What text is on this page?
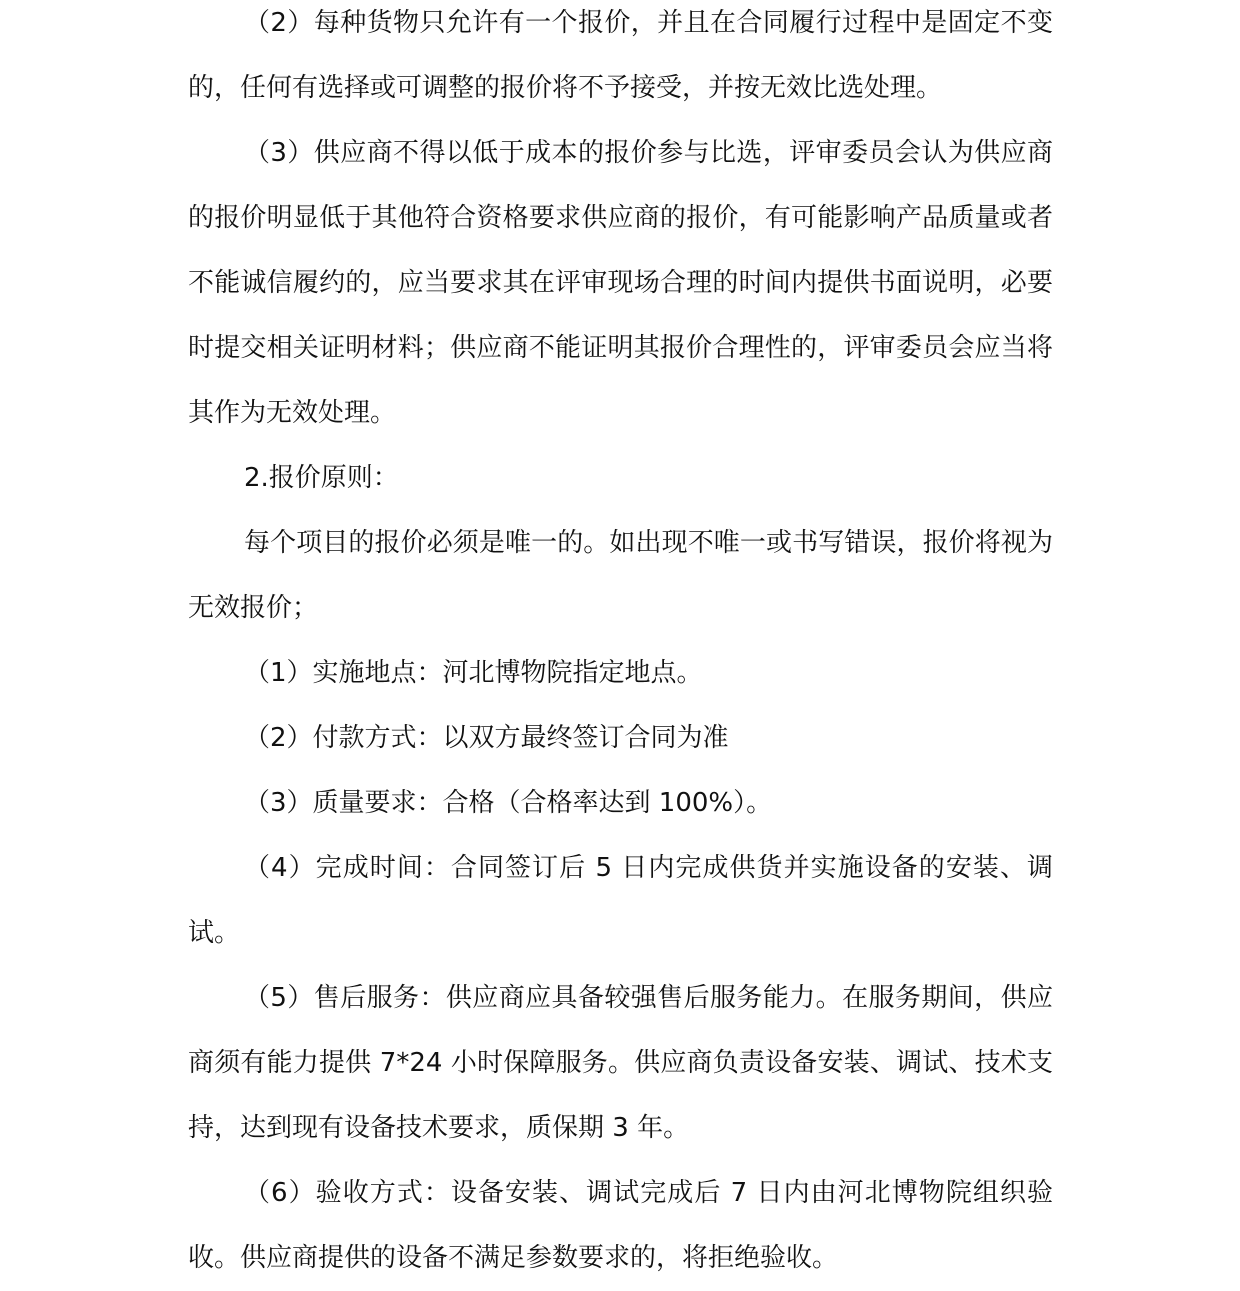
（2）每种货物只允许有一个报价，并且在合同履行过程中是固定不变的，任何有选择或可调整的报价将不予接受，并按无效比选处理。

（3）供应商不得以低于成本的报价参与比选，评审委员会认为供应商的报价明显低于其他符合资格要求供应商的报价，有可能影响产品质量或者不能诚信履约的，应当要求其在评审现场合理的时间内提供书面说明，必要时提交相关证明材料；供应商不能证明其报价合理性的，评审委员会应当将其作为无效处理。

2.报价原则：

每个项目的报价必须是唯一的。如出现不唯一或书写错误，报价将视为无效报价；

（1）实施地点：河北博物院指定地点。

（2）付款方式：以双方最终签订合同为准

（3）质量要求：合格（合格率达到 100%）。

（4）完成时间：合同签订后 5 日内完成供货并实施设备的安装、调试。

（5）售后服务：供应商应具备较强售后服务能力。在服务期间，供应商须有能力提供 7*24 小时保障服务。供应商负责设备安装、调试、技术支持，达到现有设备技术要求，质保期 3 年。

（6）验收方式：设备安装、调试完成后 7 日内由河北博物院组织验收。供应商提供的设备不满足参数要求的，将拒绝验收。
